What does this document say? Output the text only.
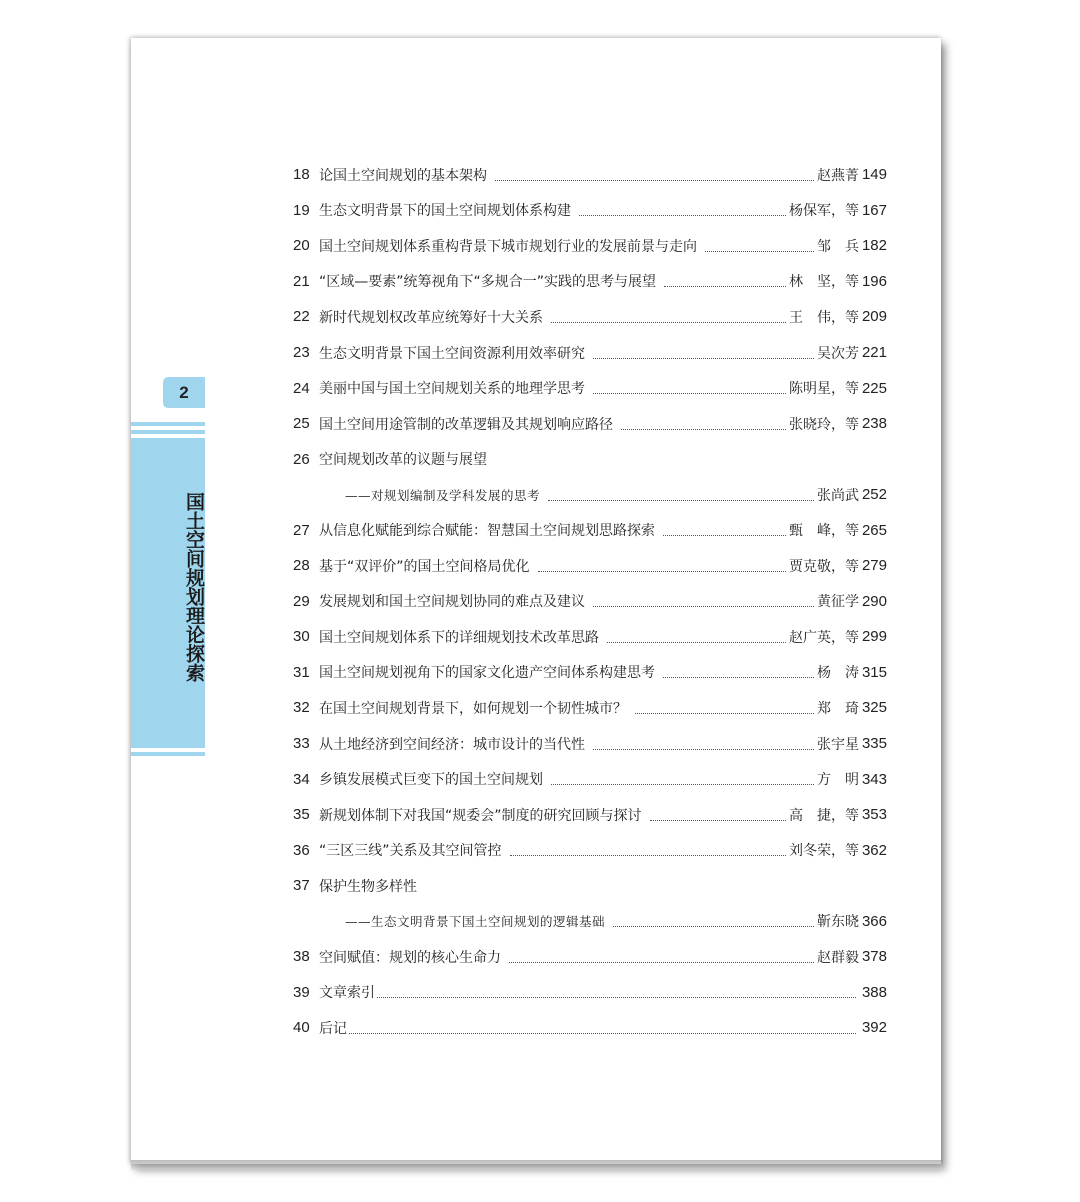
2
国土空间规划理论探索
18 论国土空间规划的基本架构	赵燕菁 149
19 生态文明背景下的国土空间规划体系构建	杨保军，等 167
20 国土空间规划体系重构背景下城市规划行业的发展前景与走向	邹　兵 182
21 “区域—要素”统筹视角下“多规合一”实践的思考与展望	林　坚，等 196
22 新时代规划权改革应统筹好十大关系	王　伟，等 209
23 生态文明背景下国土空间资源利用效率研究	吴次芳 221
24 美丽中国与国土空间规划关系的地理学思考	陈明星，等 225
25 国土空间用途管制的改革逻辑及其规划响应路径	张晓玲，等 238
26 空间规划改革的议题与展望
——对规划编制及学科发展的思考	张尚武 252
27 从信息化赋能到综合赋能：智慧国土空间规划思路探索	甄　峰，等 265
28 基于“双评价”的国土空间格局优化	贾克敬，等 279
29 发展规划和国土空间规划协同的难点及建议	黄征学 290
30 国土空间规划体系下的详细规划技术改革思路	赵广英，等 299
31 国土空间规划视角下的国家文化遗产空间体系构建思考	杨　涛 315
32 在国土空间规划背景下，如何规划一个韧性城市？	郑　琦 325
33 从土地经济到空间经济：城市设计的当代性	张宇星 335
34 乡镇发展模式巨变下的国土空间规划	方　明 343
35 新规划体制下对我国“规委会”制度的研究回顾与探讨	高　捷，等 353
36 “三区三线”关系及其空间管控	刘冬荣，等 362
37 保护生物多样性
——生态文明背景下国土空间规划的逻辑基础	靳东晓 366
38 空间赋值：规划的核心生命力	赵群毅 378
39 文章索引	388
40 后记	392
